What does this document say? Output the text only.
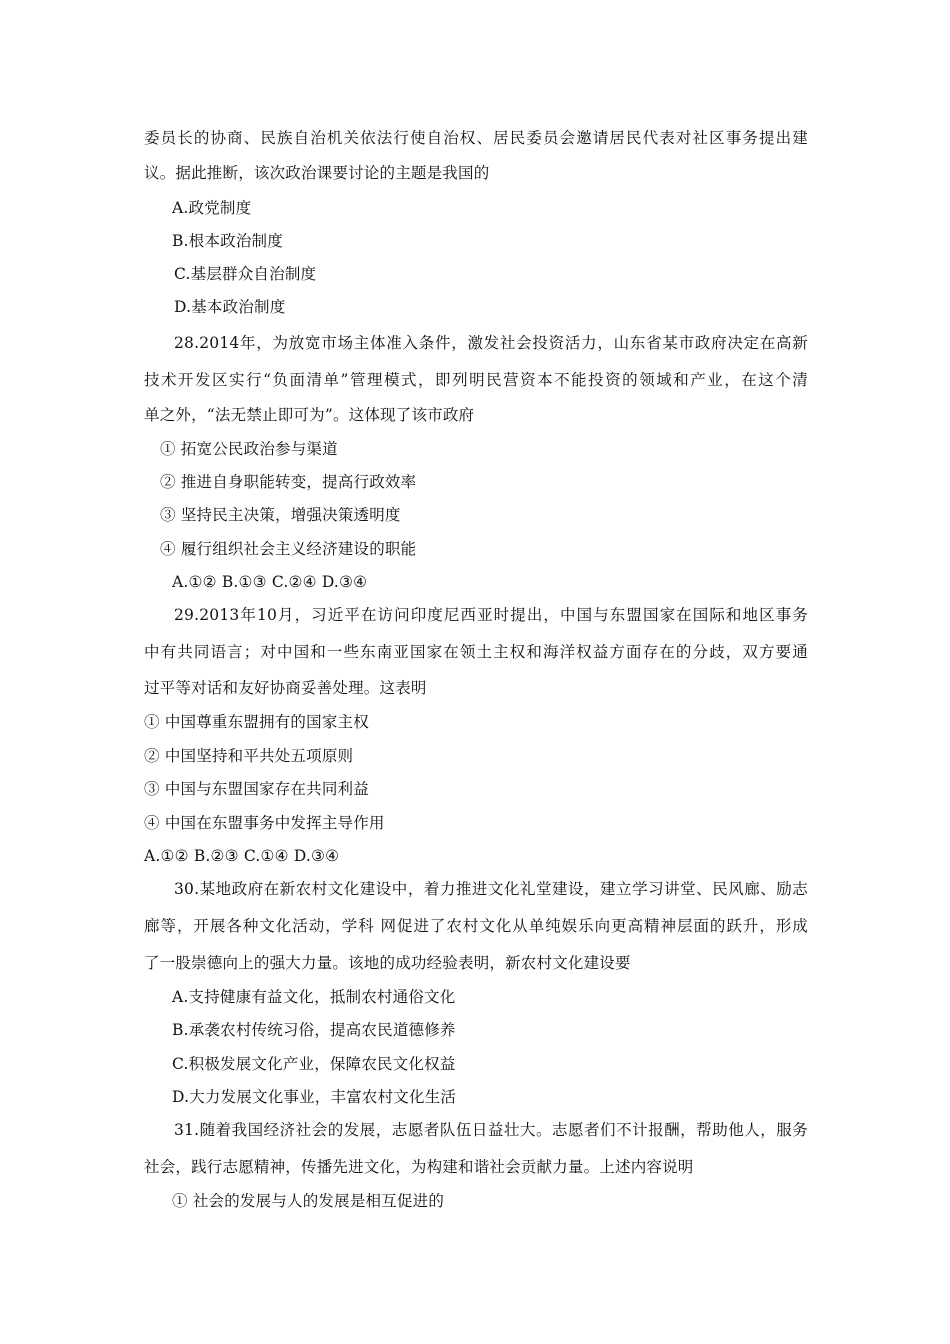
委员长的协商、民族自治机关依法行使自治权、居民委员会邀请居民代表对社区事务提出建
议。据此推断，该次政治课要讨论的主题是我国的
A.政党制度
B.根本政治制度
C.基层群众自治制度
D.基本政治制度
28.2014年，为放宽市场主体准入条件，激发社会投资活力，山东省某市政府决定在高新
技术开发区实行“负面清单”管理模式，即列明民营资本不能投资的领域和产业，在这个清
单之外，“法无禁止即可为”。这体现了该市政府
① 拓宽公民政治参与渠道
② 推进自身职能转变，提高行政效率
③ 坚持民主决策，增强决策透明度
④ 履行组织社会主义经济建设的职能
A.①② B.①③ C.②④ D.③④
29.2013年10月，习近平在访问印度尼西亚时提出，中国与东盟国家在国际和地区事务
中有共同语言；对中国和一些东南亚国家在领土主权和海洋权益方面存在的分歧，双方要通
过平等对话和友好协商妥善处理。这表明
① 中国尊重东盟拥有的国家主权
② 中国坚持和平共处五项原则
③ 中国与东盟国家存在共同利益
④ 中国在东盟事务中发挥主导作用
A.①② B.②③ C.①④ D.③④
30.某地政府在新农村文化建设中，着力推进文化礼堂建设，建立学习讲堂、民风廊、励志
廊等，开展各种文化活动，学科 网促进了农村文化从单纯娱乐向更高精神层面的跃升，形成
了一股崇德向上的强大力量。该地的成功经验表明，新农村文化建设要
A.支持健康有益文化，抵制农村通俗文化
B.承袭农村传统习俗，提高农民道德修养
C.积极发展文化产业，保障农民文化权益
D.大力发展文化事业，丰富农村文化生活
31.随着我国经济社会的发展，志愿者队伍日益壮大。志愿者们不计报酬，帮助他人，服务
社会，践行志愿精神，传播先进文化，为构建和谐社会贡献力量。上述内容说明
① 社会的发展与人的发展是相互促进的
